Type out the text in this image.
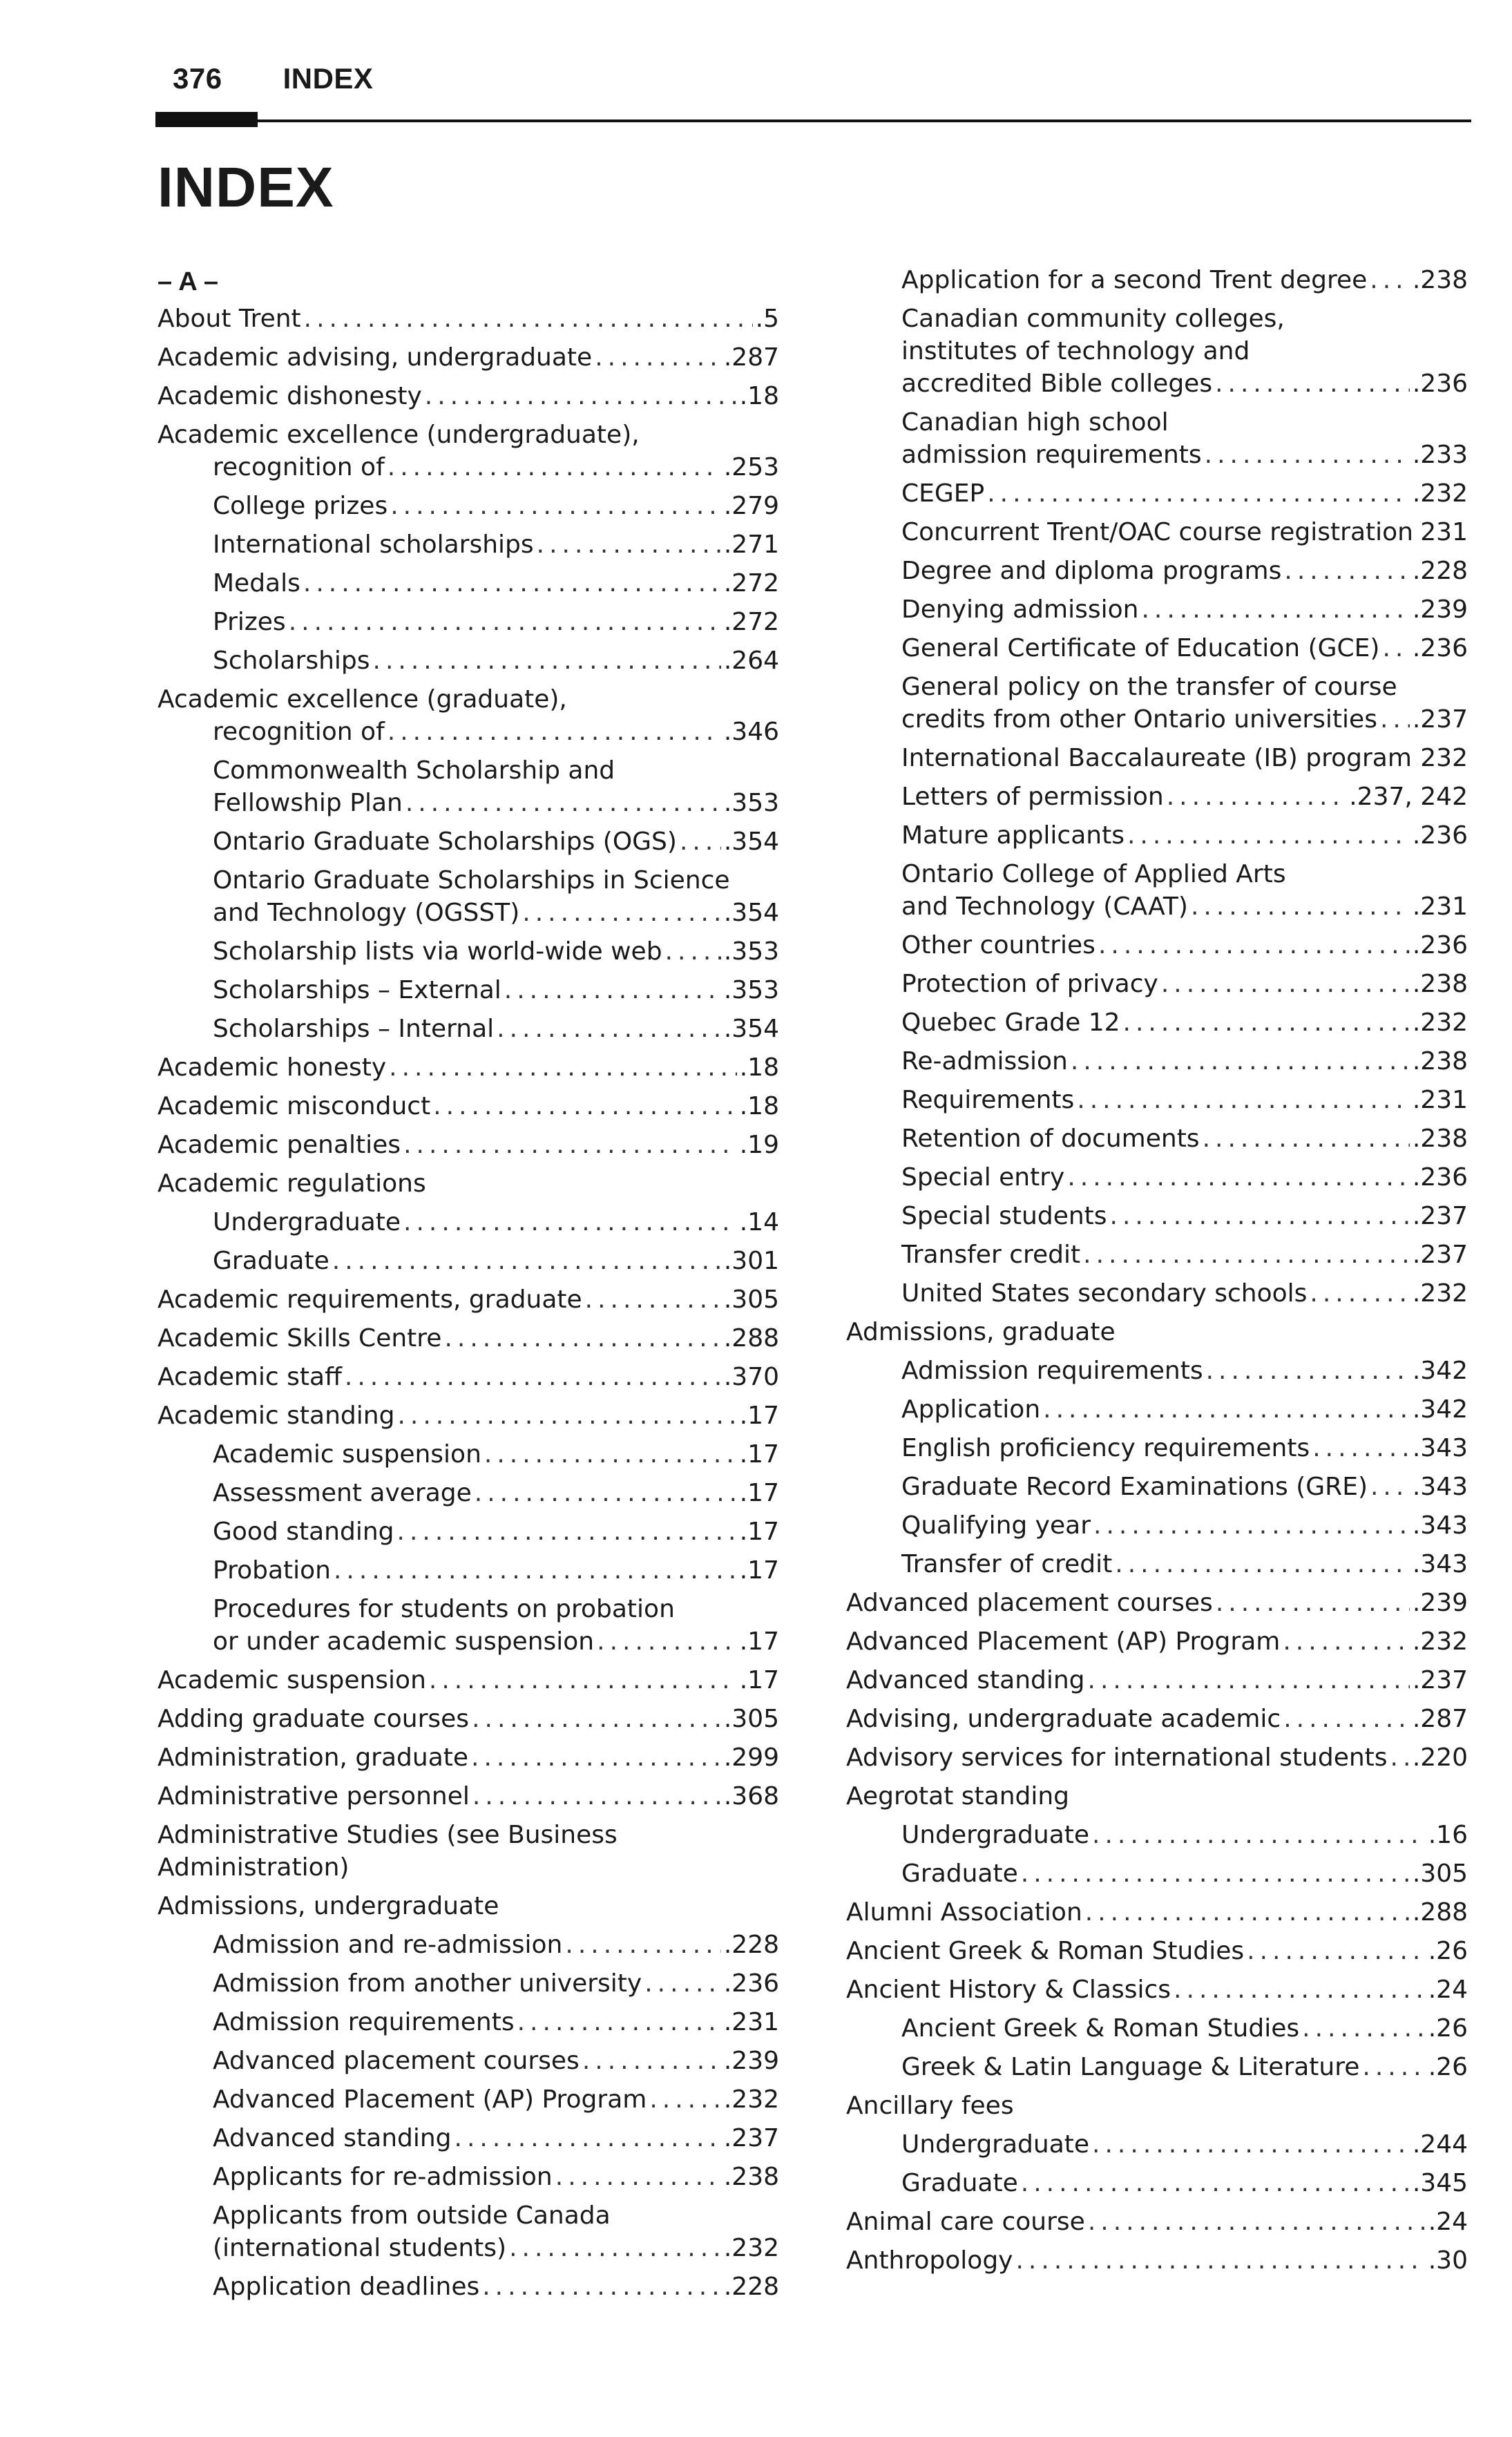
376 INDEX
INDEX
– A –
About Trent .....	.5
Academic advising, undergraduate .....	.287
Academic dishonesty .....	.18
Academic excellence (undergraduate),
recognition of .....	.253
College prizes .....	.279
International scholarships .....	.271
Medals .....	.272
Prizes .....	.272
Scholarships .....	.264
Academic excellence (graduate),
recognition of .....	.346
Commonwealth Scholarship and
Fellowship Plan .....	.353
Ontario Graduate Scholarships (OGS) ..... .354
Ontario Graduate Scholarships in Science
and Technology (OGSST) .....	.354
Scholarship lists via world-wide web ..... .353
Scholarships – External .....	.353
Scholarships – Internal .....	.354
Academic honesty .....	.18
Academic misconduct .....	.18
Academic penalties .....	.19
Academic regulations
Undergraduate .....	.14
Graduate .....	.301
Academic requirements, graduate .....	.305
Academic Skills Centre .....	.288
Academic staff .....	.370
Academic standing .....	.17
Academic suspension .....	.17
Assessment average .....	.17
Good standing .....	.17
Probation .....	.17
Procedures for students on probation
or under academic suspension .....	.17
Academic suspension .....	.17
Adding graduate courses .....	.305
Administration, graduate .....	.299
Administrative personnel .....	.368
Administrative Studies (see Business
Administration)
Admissions, undergraduate
Admission and re-admission .....	.228
Admission from another university .....	.236
Admission requirements .....	.231
Advanced placement courses .....	.239
Advanced Placement (AP) Program .....	.232
Advanced standing .....	.237
Applicants for re-admission .....	.238
Applicants from outside Canada
(international students) .....	.232
Application deadlines .....	.228
Application for a second Trent degree ..... .238
Canadian community colleges,
institutes of technology and
accredited Bible colleges .....	.236
Canadian high school
admission requirements .....	.233
CEGEP .....	.232
Concurrent Trent/OAC course registration ..... 231
Degree and diploma programs .....	.228
Denying admission .....	.239
General Certificate of Education (GCE) ..... .236
General policy on the transfer of course
credits from other Ontario universities ..... .237
International Baccalaureate (IB) program ..... 232
Letters of permission .....	.237, 242
Mature applicants .....	.236
Ontario College of Applied Arts
and Technology (CAAT) .....	.231
Other countries .....	.236
Protection of privacy .....	.238
Quebec Grade 12 .....	.232
Re-admission .....	.238
Requirements .....	.231
Retention of documents .....	.238
Special entry .....	.236
Special students .....	.237
Transfer credit .....	.237
United States secondary schools .....	.232
Admissions, graduate
Admission requirements .....	.342
Application .....	.342
English proficiency requirements .....	.343
Graduate Record Examinations (GRE) ..... .343
Qualifying year .....	.343
Transfer of credit .....	.343
Advanced placement courses .....	.239
Advanced Placement (AP) Program .....	.232
Advanced standing .....	.237
Advising, undergraduate academic .....	.287
Advisory services for international students ..... .220
Aegrotat standing
Undergraduate .....	.16
Graduate .....	.305
Alumni Association .....	.288
Ancient Greek & Roman Studies .....	.26
Ancient History & Classics .....	.24
Ancient Greek & Roman Studies .....	.26
Greek & Latin Language & Literature .....	.26
Ancillary fees
Undergraduate .....	.244
Graduate .....	.345
Animal care course .....	.24
Anthropology .....	.30
